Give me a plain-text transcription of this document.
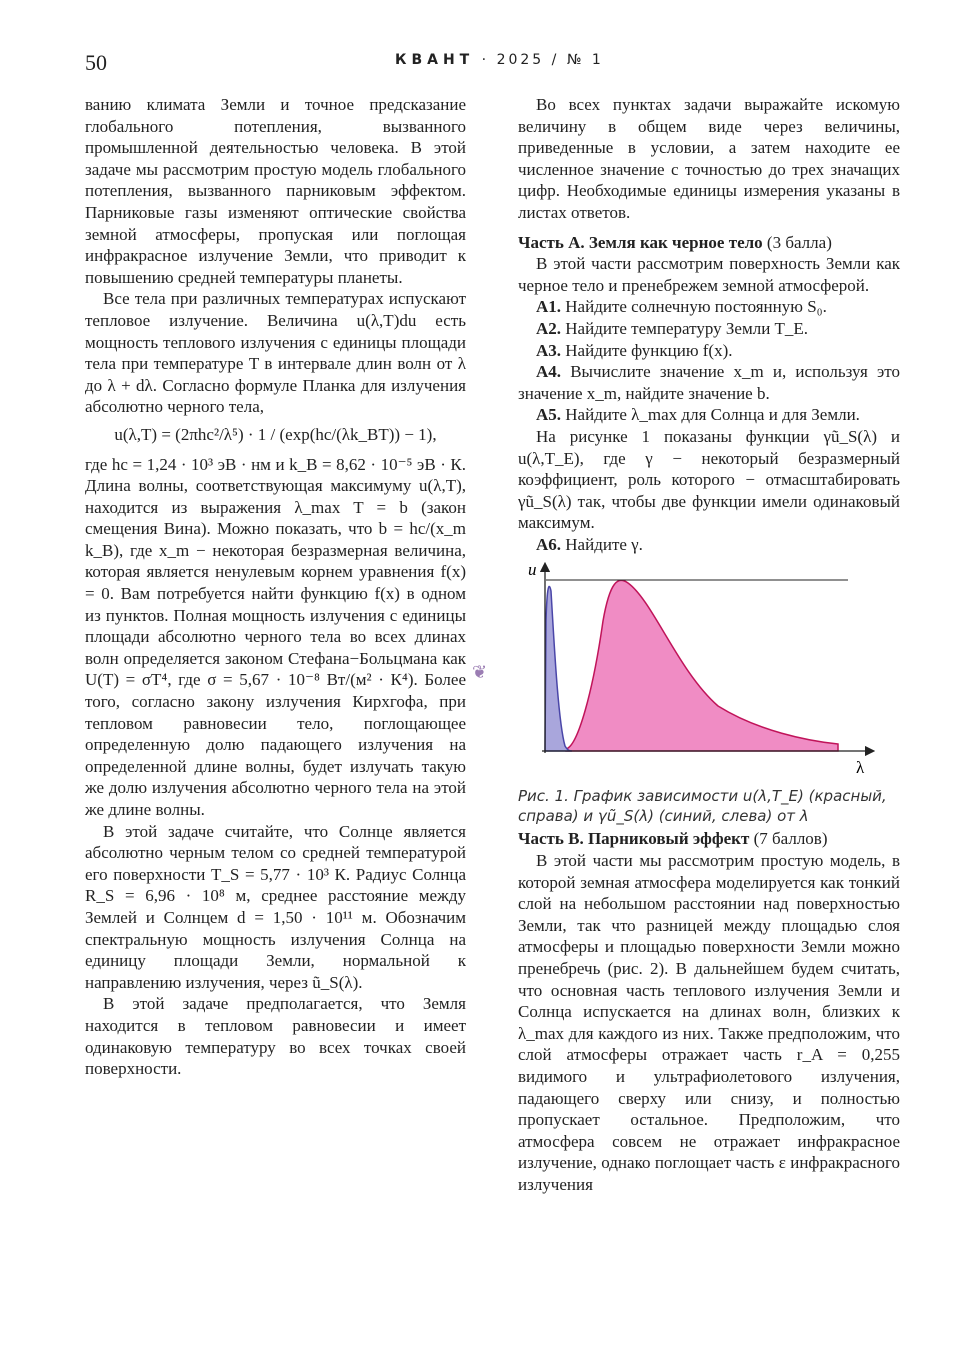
50	КВАНТ · 2025 / № 1

ванию климата Земли и точное предсказание глобального потепления, вызванного промышленной деятельностью человека. В этой задаче мы рассмотрим простую модель глобального потепления, вызванного парниковым эффектом. Парниковые газы изменяют оптические свойства земной атмосферы, пропуская или поглощая инфракрасное излучение Земли, что приводит к повышению средней температуры планеты.

Все тела при различных температурах испускают тепловое излучение. Величина u(λ,T)du есть мощность теплового излучения с единицы площади тела при температуре T в интервале длин волн от λ до λ + dλ. Согласно формуле Планка для излучения абсолютно черного тела,

u(λ,T) = (2πhc²/λ⁵) · 1 / (exp(hc/(λk_BT)) − 1),

где hc = 1,24 · 10³ эВ · нм и k_B = 8,62 · 10⁻⁵ эВ · К. Длина волны, соответствующая максимуму u(λ,T), находится из выражения λ_max T = b (закон смещения Вина). Можно показать, что b = hc/(x_m k_B), где x_m − некоторая безразмерная величина, которая является ненулевым корнем уравнения f(x) = 0. Вам потребуется найти функцию f(x) в одном из пунктов. Полная мощность излучения с единицы площади абсолютно черного тела во всех длинах волн определяется законом Стефана−Больцмана как U(T) = σT⁴, где σ = 5,67 · 10⁻⁸ Вт/(м² · К⁴). Более того, согласно закону излучения Кирхгофа, при тепловом равновесии тело, поглощающее определенную долю падающего излучения на определенной длине волны, будет излучать такую же долю излучения абсолютно черного тела на этой же длине волны.

В этой задаче считайте, что Солнце является абсолютно черным телом со средней температурой его поверхности T_S = 5,77 · 10³ К. Радиус Солнца R_S = 6,96 · 10⁸ м, среднее расстояние между Землей и Солнцем d = 1,50 · 10¹¹ м. Обозначим спектральную мощность излучения Солнца на единицу площади Земли, нормальной к направлению излучения, через ũ_S(λ).

В этой задаче предполагается, что Земля находится в тепловом равновесии и имеет одинаковую температуру во всех точках своей поверхности.

❦

Во всех пунктах задачи выражайте искомую величину в общем виде через величины, приведенные в условии, а затем находите ее численное значение с точностью до трех значащих цифр. Необходимые единицы измерения указаны в листах ответов.

Часть A. Земля как черное тело (3 балла)

В этой части рассмотрим поверхность Земли как черное тело и пренебрежем земной атмосферой.

A1. Найдите солнечную постоянную S₀.

A2. Найдите температуру Земли T_E.

A3. Найдите функцию f(x).

A4. Вычислите значение x_m и, используя это значение x_m, найдите значение b.

A5. Найдите λ_max для Солнца и для Земли.

На рисунке 1 показаны функции γũ_S(λ) и u(λ,T_E), где γ − некоторый безразмерный коэффициент, роль которого − отмасштабировать γũ_S(λ) так, чтобы две функции имели одинаковый максимум.

A6. Найдите γ.

u
λ
Рис. 1. График зависимости u(λ,T_E) (красный, справа) и γũ_S(λ) (синий, слева) от λ
Часть B. Парниковый эффект (7 баллов)

В этой части мы рассмотрим простую модель, в которой земная атмосфера моделируется как тонкий слой на небольшом расстоянии над поверхностью Земли, так что разницей между площадью слоя атмосферы и площадью поверхности Земли можно пренебречь (рис. 2). В дальнейшем будем считать, что основная часть теплового излучения Земли и Солнца испускается на длинах волн, близких к λ_max для каждого из них. Также предположим, что слой атмосферы отражает часть r_A = 0,255 видимого и ультрафиолетового излучения, падающего сверху или снизу, и полностью пропускает остальное. Предположим, что атмосфера совсем не отражает инфракрасное излучение, однако поглощает часть ε инфракрасного излучения
